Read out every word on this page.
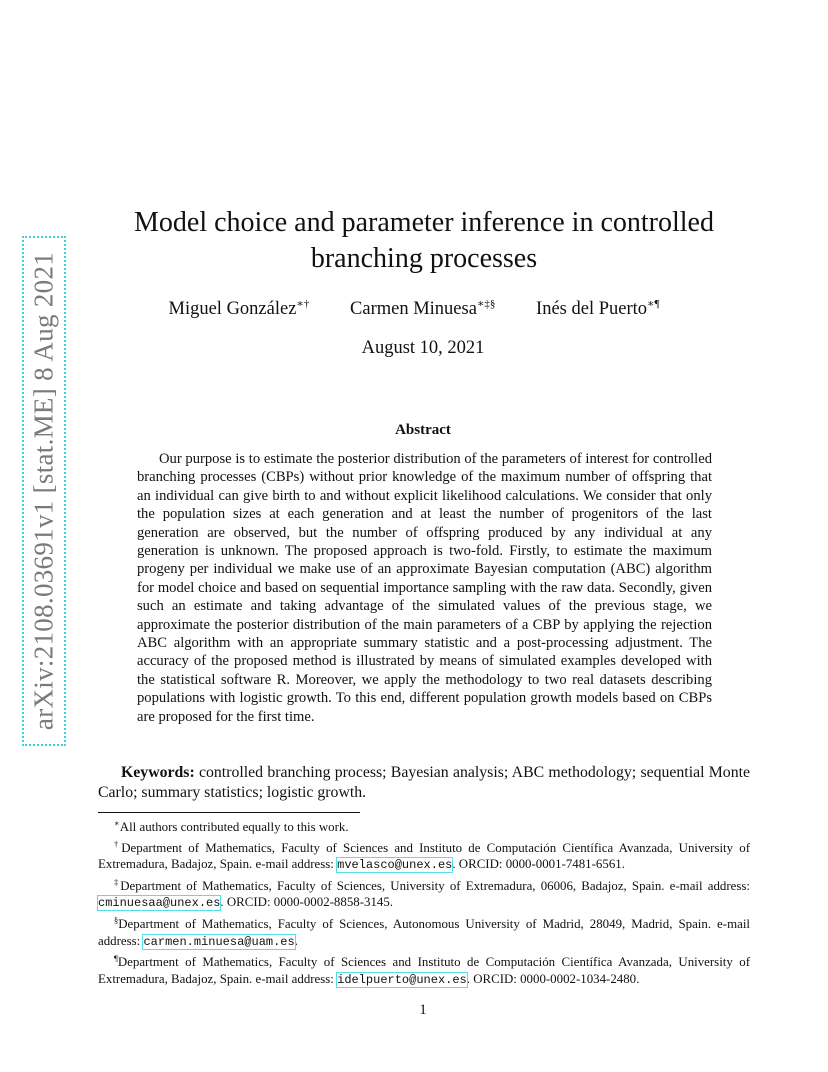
arXiv:2108.03691v1 [stat.ME] 8 Aug 2021
Model choice and parameter inference in controlled
branching processes
Miguel González∗† Carmen Minuesa∗‡§ Inés del Puerto∗¶
August 10, 2021
Abstract

Our purpose is to estimate the posterior distribution of the parameters of interest for controlled branching processes (CBPs) without prior knowledge of the maximum number of offspring that an individual can give birth to and without explicit likelihood calculations. We consider that only the population sizes at each generation and at least the number of progenitors of the last generation are observed, but the number of offspring produced by any individual at any generation is unknown. The proposed approach is two-fold. Firstly, to estimate the maximum progeny per individual we make use of an approximate Bayesian computation (ABC) algorithm for model choice and based on sequential importance sampling with the raw data. Secondly, given such an estimate and taking advantage of the simulated values of the previous stage, we approximate the posterior distribution of the main parameters of a CBP by applying the rejection ABC algorithm with an appropriate summary statistic and a post-processing adjustment. The accuracy of the proposed method is illustrated by means of simulated examples developed with the statistical software R. Moreover, we apply the methodology to two real datasets describing populations with logistic growth. To this end, different population growth models based on CBPs are proposed for the first time.

Keywords: controlled branching process; Bayesian analysis; ABC methodology; sequential Monte Carlo; summary statistics; logistic growth.

∗All authors contributed equally to this work.

†Department of Mathematics, Faculty of Sciences and Instituto de Computación Científica Avanzada, University of Extremadura, Badajoz, Spain. e-mail address: mvelasco@unex.es. ORCID: 0000-0001-7481-6561.

‡Department of Mathematics, Faculty of Sciences, University of Extremadura, 06006, Badajoz, Spain. e-mail address: cminuesaa@unex.es. ORCID: 0000-0002-8858-3145.

§Department of Mathematics, Faculty of Sciences, Autonomous University of Madrid, 28049, Madrid, Spain. e-mail address: carmen.minuesa@uam.es.

¶Department of Mathematics, Faculty of Sciences and Instituto de Computación Científica Avanzada, University of Extremadura, Badajoz, Spain. e-mail address: idelpuerto@unex.es. ORCID: 0000-0002-1034-2480.

1
